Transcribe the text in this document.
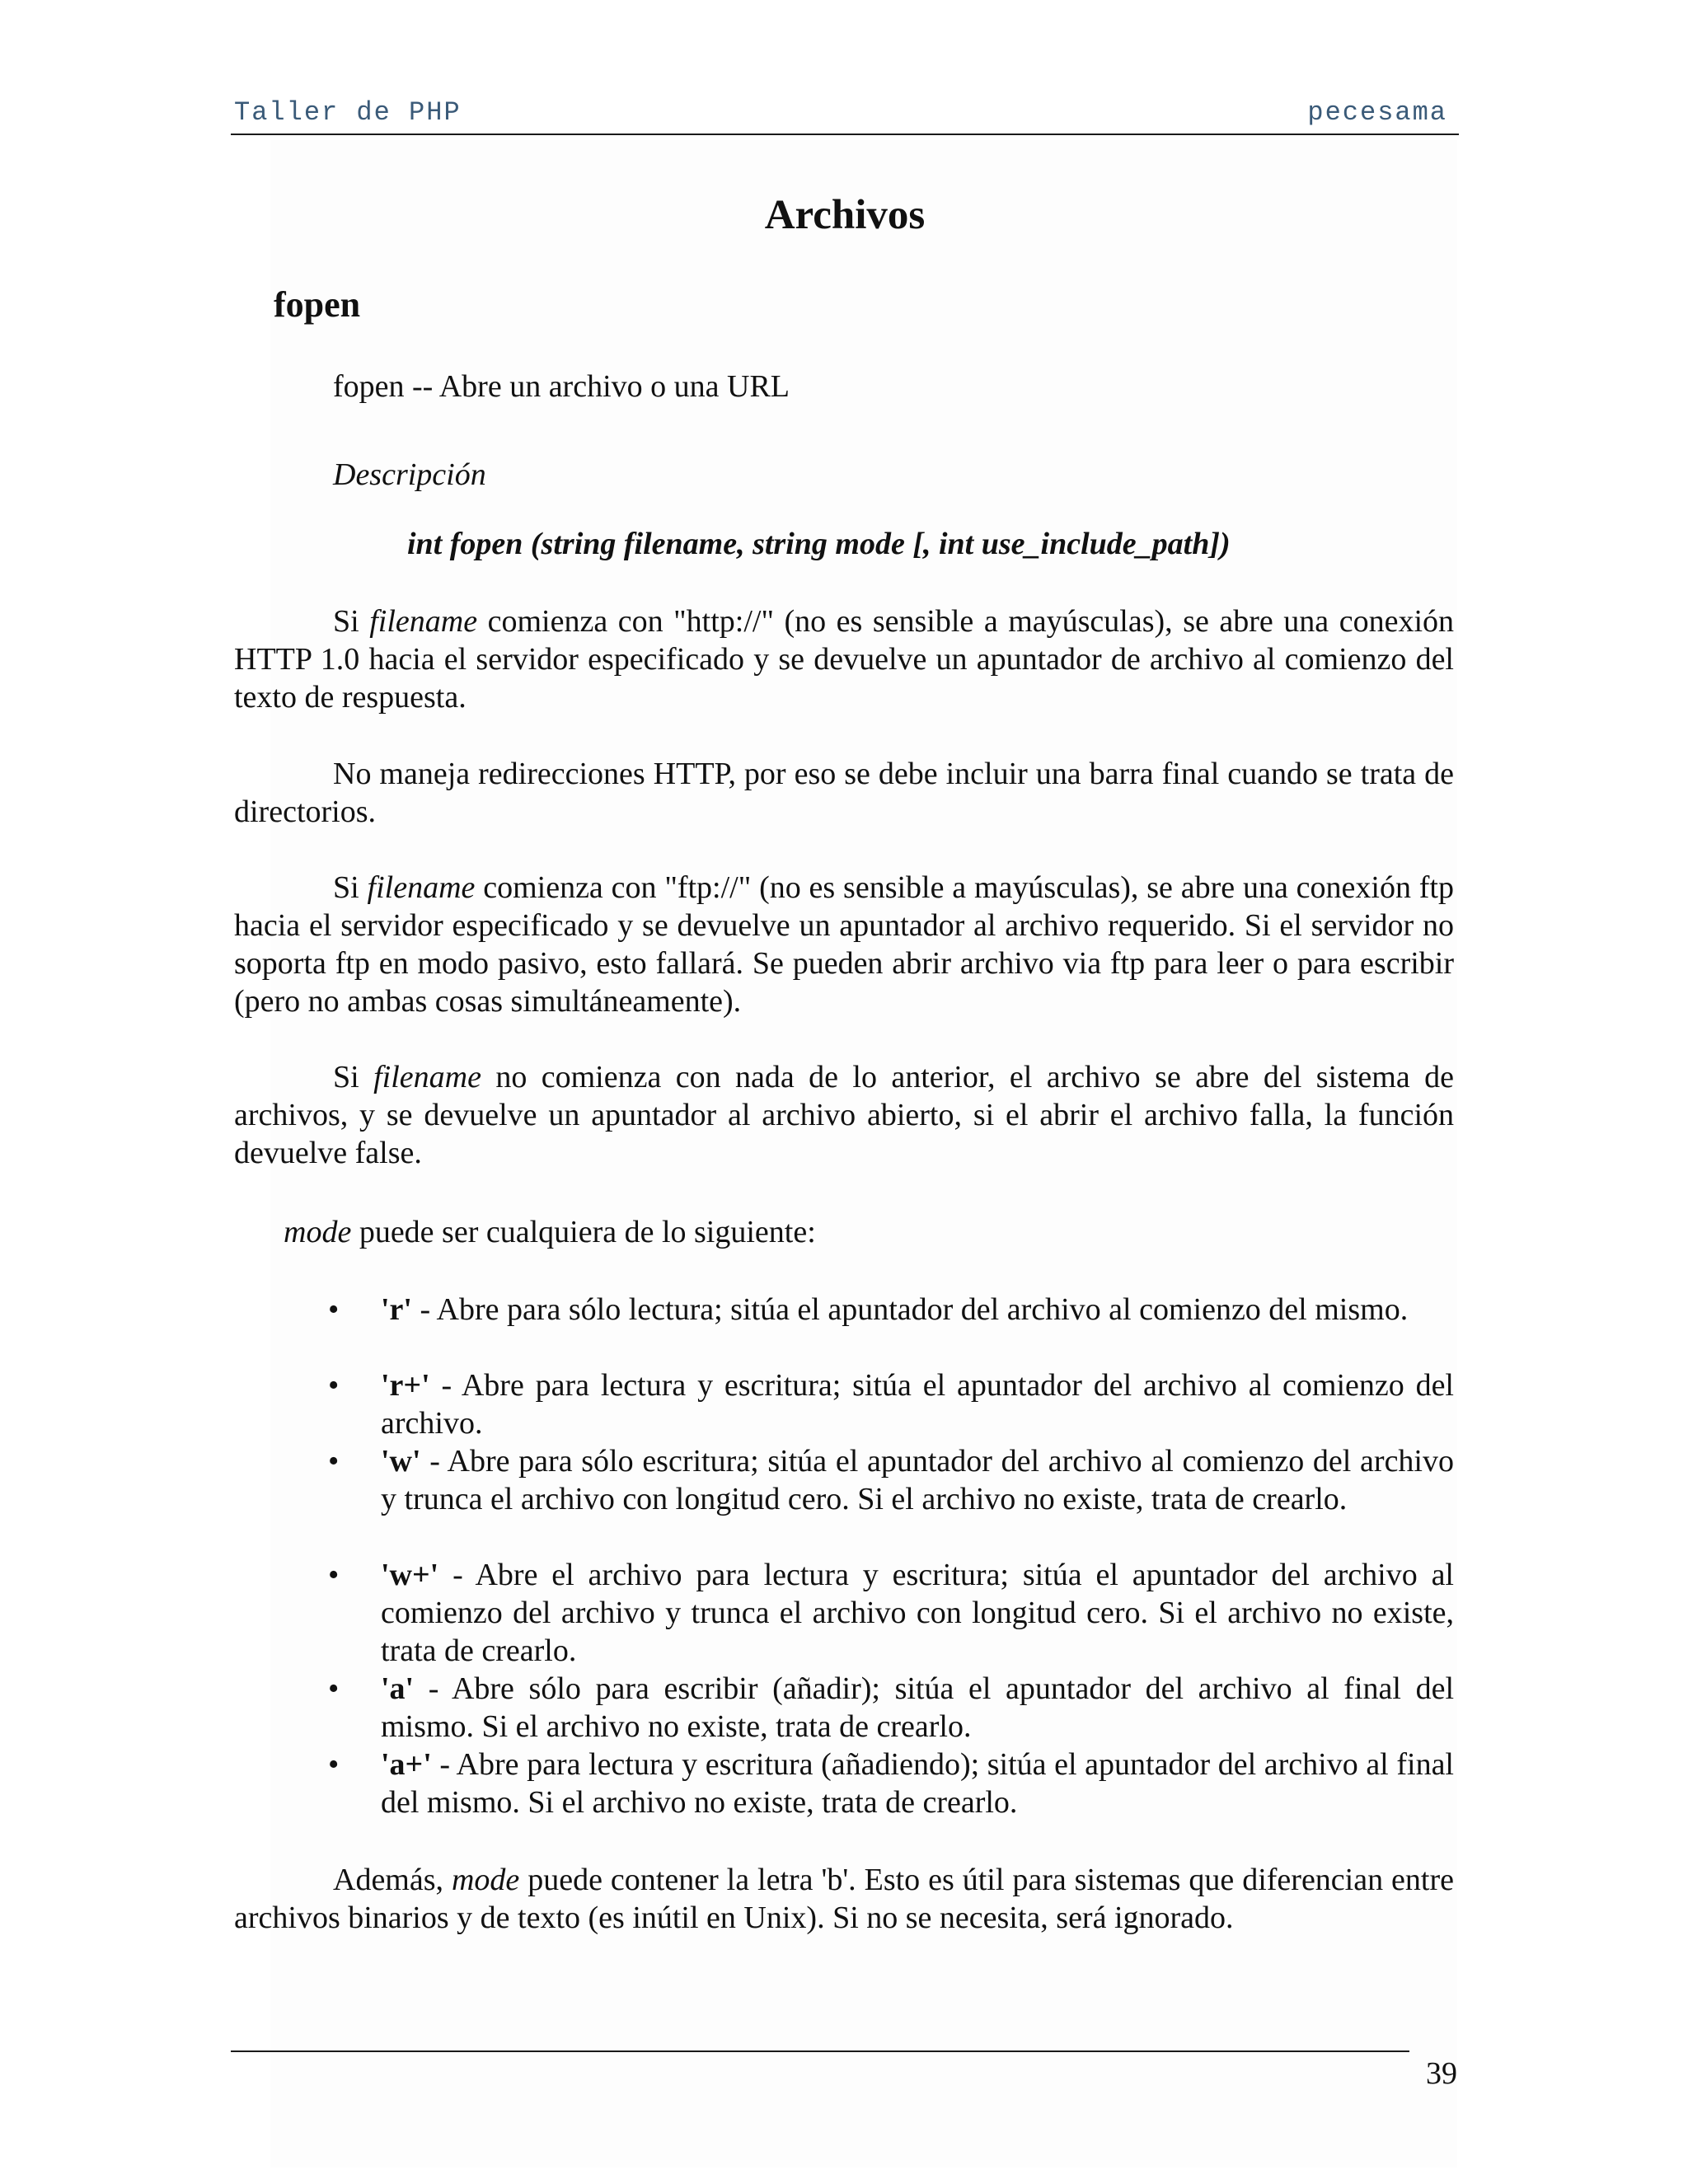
Taller de PHP	pecesama
Archivos
fopen
fopen -- Abre un archivo o una URL
Descripción
int fopen (string filename, string mode [, int use_include_path])
Si filename comienza con "http://" (no es sensible a mayúsculas), se abre una conexión HTTP 1.0 hacia el servidor especificado y se devuelve un apuntador de archivo al comienzo del texto de respuesta.
No maneja redirecciones HTTP, por eso se debe incluir una barra final cuando se trata de directorios.
Si filename comienza con "ftp://" (no es sensible a mayúsculas), se abre una conexión ftp hacia el servidor especificado y se devuelve un apuntador al archivo requerido. Si el servidor no soporta ftp en modo pasivo, esto fallará. Se pueden abrir archivo via ftp para leer o para escribir (pero no ambas cosas simultáneamente).
Si filename no comienza con nada de lo anterior, el archivo se abre del sistema de archivos, y se devuelve un apuntador al archivo abierto, si el abrir el archivo falla, la función devuelve false.
mode puede ser cualquiera de lo siguiente:
• 'r' - Abre para sólo lectura; sitúa el apuntador del archivo al comienzo del mismo.
• 'r+' - Abre para lectura y escritura; sitúa el apuntador del archivo al comienzo del archivo.
• 'w' - Abre para sólo escritura; sitúa el apuntador del archivo al comienzo del archivo y trunca el archivo con longitud cero. Si el archivo no existe, trata de crearlo.
• 'w+' - Abre el archivo para lectura y escritura; sitúa el apuntador del archivo al comienzo del archivo y trunca el archivo con longitud cero. Si el archivo no existe, trata de crearlo.
• 'a' - Abre sólo para escribir (añadir); sitúa el apuntador del archivo al final del mismo. Si el archivo no existe, trata de crearlo.
• 'a+' - Abre para lectura y escritura (añadiendo); sitúa el apuntador del archivo al final del mismo. Si el archivo no existe, trata de crearlo.
Además, mode puede contener la letra 'b'. Esto es útil para sistemas que diferencian entre archivos binarios y de texto (es inútil en Unix). Si no se necesita, será ignorado.
39
